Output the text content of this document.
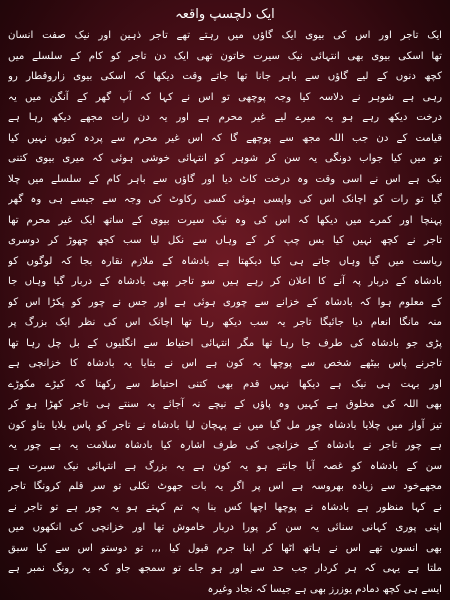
ایک دلچسپ واقعہ
ایک تاجر اور اس کی بیوی ایک گاؤں میں رہتے تھے تاجر ذہین اور نیک صفت انسان
تھا اسکی بیوی بھی انتہائی نیک سیرت خاتون تھی ایک دن تاجر کو کام کے سلسلے میں
کچھ دنوں کے لیے گاؤں سے باہر جانا تھا جاتے وقت دیکھا کہ اسکی بیوی زاروقطار رو
رہی ہے شوہر نے دلاسہ کیا وجہ پوچھی تو اس نے کہا کہ آپ گھر کے آنگن میں یہ
درخت دیکھ رہے ہو یہ میرے لیے غیر محرم ہے اور یہ دن رات مجھے دیکھ رہا ہے
قیامت کے دن جب اللہ مجھ سے پوچھے گا کہ اس غیر محرم سے پردہ کیوں نہیں کیا
تو میں کیا جواب دونگی یہ سن کر شوہر کو انتہائی خوشی ہوئی کہ میری بیوی کتنی
نیک ہے اس نے اسی وقت وہ درخت کاٹ دیا اور گاؤں سے باہر کام کے سلسلے میں چلا
گیا تو رات کو اچانک اس کی واپسی ہوئی کسی رکاوٹ کی وجہ سے جیسے ہی وہ گھر
پہنچا اور کمرے میں دیکھا کہ اس کی وہ نیک سیرت بیوی کے ساتھ ایک غیر محرم تھا
تاجر نے کچھ نہیں کیا بس چپ کر کے وہاں سے نکل لیا سب کچھ چھوڑ کر دوسری
ریاست میں گیا وہاں جاتے ہی کیا دیکھتا ہے بادشاہ کے ملازم نقارہ بجا کہ لوگوں کو
بادشاہ کے دربار پہ آنے کا اعلان کر رہے ہیں سو تاجر بھی بادشاہ کے دربار گیا وہاں جا
کے معلوم ہوا کہ بادشاہ کے خزانے سے چوری ہوئی ہے اور جس نے چور کو پکڑا اس کو
منہ مانگا انعام دیا جائیگا تاجر یہ سب دیکھ رہا تھا اچانک اس کی نظر ایک بزرگ پر
پڑی جو بادشاہ کی طرف جا رہا تھا مگر انتہائی احتیاط سے انگلیوں کے بل چل رہا تھا
تاجرنے پاس بیٹھے شخص سے پوچھا یہ کون ہے اس نے بتایا یہ بادشاہ کا خزانچی ہے
اور بہت ہی نیک ہے دیکھا نہیں قدم بھی کتنی احتیاط سے رکھتا کہ کیڑے مکوڑے
بھی اللہ کی مخلوق ہے کہیں وہ پاؤں کے نیچے نہ آجائے یہ سنتے ہی تاجر کھڑا ہو کر
تیز آواز میں چلایا بادشاہ چور مل گیا میں نے پہچان لیا بادشاہ نے تاجر کو پاس بلایا بتاو کون
ہے چور تاجر نے بادشاہ کے خزانچی کی طرف اشارہ کیا بادشاہ سلامت یہ ہے چور یہ
سن کے بادشاہ کو غصہ آیا جانتے ہو یہ کون ہے یہ بزرگ ہے انتہائی نیک سیرت ہے
مجھےخود سے زیادہ بھروسہ ہے اس پر اگر یہ بات جھوٹ نکلی تو سر قلم کرونگا تاجر
نے کہا منظور ہے بادشاہ نے پوچھا اچھا کس بنا پہ تم کہتے ہو یہ چور ہے تو تاجر نے
اپنی پوری کہانی سنائی یہ سن کر پورا دربار خاموش تھا اور خزانچی کی انکھوں میں
بھی انسوں تھے اس نے ہاتھ اٹھا کر اپنا جرم قبول کیا ,,, تو دوستو اس سے کیا سبق
ملتا ہے یہی کہ ہر کردار جب حد سے اور ہو جاے تو سمجھ جاو کہ یہ رونگ نمبر ہے
ایسے ہی کچھ دمادم یوزرز بھی ہے جیسا کہ نجاد وغیرہ
